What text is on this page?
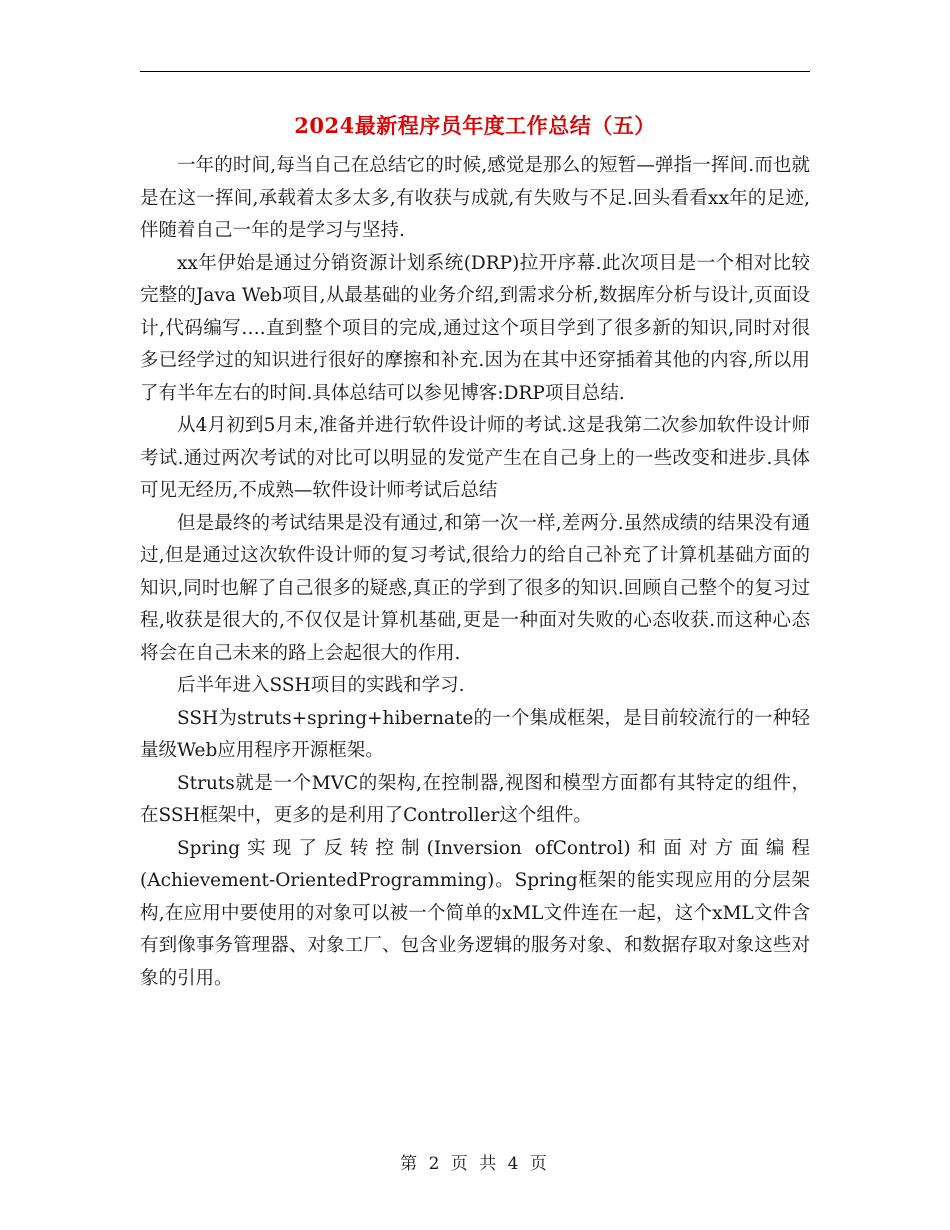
2024最新程序员年度工作总结（五）

一年的时间,每当自己在总结它的时候,感觉是那么的短暂—弹指一挥间.而也就是在这一挥间,承载着太多太多,有收获与成就,有失败与不足.回头看看xx年的足迹,伴随着自己一年的是学习与坚持.

xx年伊始是通过分销资源计划系统(DRP)拉开序幕.此次项目是一个相对比较完整的Java Web项目,从最基础的业务介绍,到需求分析,数据库分析与设计,页面设计,代码编写….直到整个项目的完成,通过这个项目学到了很多新的知识,同时对很多已经学过的知识进行很好的摩擦和补充.因为在其中还穿插着其他的内容,所以用了有半年左右的时间.具体总结可以参见博客:DRP项目总结.

从4月初到5月末,准备并进行软件设计师的考试.这是我第二次参加软件设计师考试.通过两次考试的对比可以明显的发觉产生在自己身上的一些改变和进步.具体可见无经历,不成熟—软件设计师考试后总结

但是最终的考试结果是没有通过,和第一次一样,差两分.虽然成绩的结果没有通过,但是通过这次软件设计师的复习考试,很给力的给自己补充了计算机基础方面的知识,同时也解了自己很多的疑惑,真正的学到了很多的知识.回顾自己整个的复习过程,收获是很大的,不仅仅是计算机基础,更是一种面对失败的心态收获.而这种心态将会在自己未来的路上会起很大的作用.

后半年进入SSH项目的实践和学习.

SSH为struts+spring+hibernate的一个集成框架，是目前较流行的一种轻量级Web应用程序开源框架。

Struts就是一个MVC的架构,在控制器,视图和模型方面都有其特定的组件，在SSH框架中，更多的是利用了Controller这个组件。

Spring实现了反转控制(Inversion ofControl)和面对方面编程(Achievement-OrientedProgramming)。Spring框架的能实现应用的分层架构,在应用中要使用的对象可以被一个简单的xML文件连在一起，这个xML文件含有到像事务管理器、对象工厂、包含业务逻辑的服务对象、和数据存取对象这些对象的引用。

第 2 页 共 4 页
